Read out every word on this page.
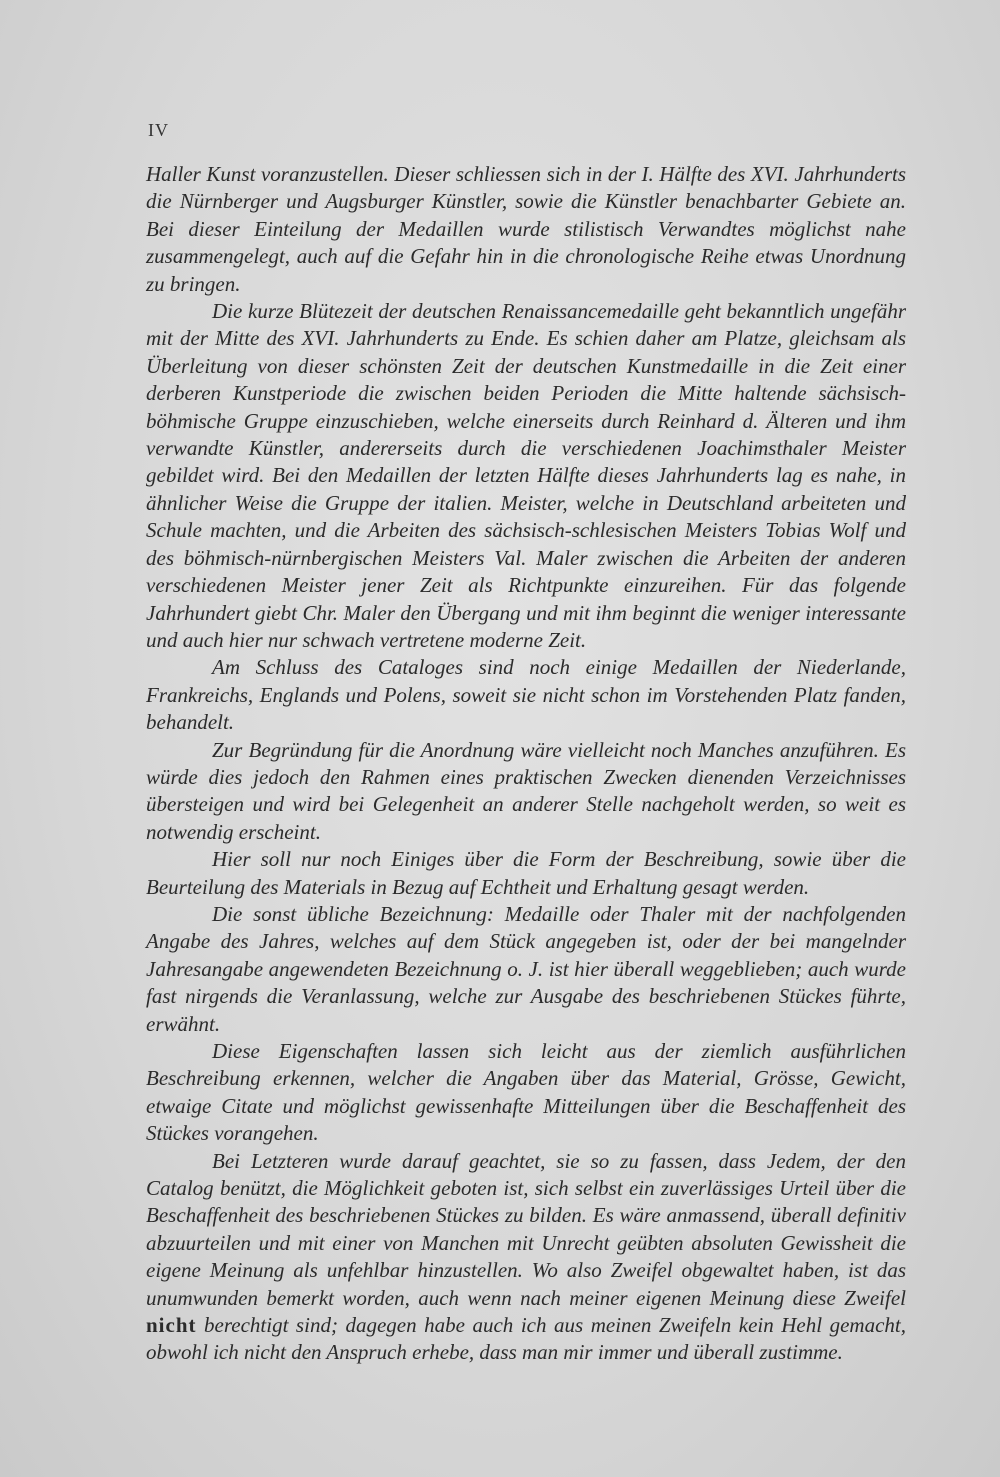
IV

Haller Kunst voranzustellen. Dieser schliessen sich in der I. Hälfte des XVI. Jahrhunderts die Nürnberger und Augsburger Künstler, sowie die Künstler benachbarter Gebiete an. Bei dieser Einteilung der Medaillen wurde stilistisch Verwandtes möglichst nahe zusammengelegt, auch auf die Gefahr hin in die chronologische Reihe etwas Unordnung zu bringen.

Die kurze Blütezeit der deutschen Renaissancemedaille geht bekanntlich ungefähr mit der Mitte des XVI. Jahrhunderts zu Ende. Es schien daher am Platze, gleichsam als Überleitung von dieser schönsten Zeit der deutschen Kunstmedaille in die Zeit einer derberen Kunstperiode die zwischen beiden Perioden die Mitte haltende sächsisch-böhmische Gruppe einzuschieben, welche einerseits durch Reinhard d. Älteren und ihm verwandte Künstler, andererseits durch die verschiedenen Joachimsthaler Meister gebildet wird. Bei den Medaillen der letzten Hälfte dieses Jahrhunderts lag es nahe, in ähnlicher Weise die Gruppe der italien. Meister, welche in Deutschland arbeiteten und Schule machten, und die Arbeiten des sächsisch-schlesischen Meisters Tobias Wolf und des böhmisch-nürnbergischen Meisters Val. Maler zwischen die Arbeiten der anderen verschiedenen Meister jener Zeit als Richtpunkte einzureihen. Für das folgende Jahrhundert giebt Chr. Maler den Übergang und mit ihm beginnt die weniger interessante und auch hier nur schwach vertretene moderne Zeit.

Am Schluss des Cataloges sind noch einige Medaillen der Niederlande, Frankreichs, Englands und Polens, soweit sie nicht schon im Vorstehenden Platz fanden, behandelt.

Zur Begründung für die Anordnung wäre vielleicht noch Manches anzuführen. Es würde dies jedoch den Rahmen eines praktischen Zwecken dienenden Verzeichnisses übersteigen und wird bei Gelegenheit an anderer Stelle nachgeholt werden, so weit es notwendig erscheint.

Hier soll nur noch Einiges über die Form der Beschreibung, sowie über die Beurteilung des Materials in Bezug auf Echtheit und Erhaltung gesagt werden.

Die sonst übliche Bezeichnung: Medaille oder Thaler mit der nachfolgenden Angabe des Jahres, welches auf dem Stück angegeben ist, oder der bei mangelnder Jahresangabe angewendeten Bezeichnung o. J. ist hier überall weggeblieben; auch wurde fast nirgends die Veranlassung, welche zur Ausgabe des beschriebenen Stückes führte, erwähnt.

Diese Eigenschaften lassen sich leicht aus der ziemlich ausführlichen Beschreibung erkennen, welcher die Angaben über das Material, Grösse, Gewicht, etwaige Citate und möglichst gewissenhafte Mitteilungen über die Beschaffenheit des Stückes vorangehen.

Bei Letzteren wurde darauf geachtet, sie so zu fassen, dass Jedem, der den Catalog benützt, die Möglichkeit geboten ist, sich selbst ein zuverlässiges Urteil über die Beschaffenheit des beschriebenen Stückes zu bilden. Es wäre anmassend, überall definitiv abzuurteilen und mit einer von Manchen mit Unrecht geübten absoluten Gewissheit die eigene Meinung als unfehlbar hinzustellen. Wo also Zweifel obgewaltet haben, ist das unumwunden bemerkt worden, auch wenn nach meiner eigenen Meinung diese Zweifel nicht berechtigt sind; dagegen habe auch ich aus meinen Zweifeln kein Hehl gemacht, obwohl ich nicht den Anspruch erhebe, dass man mir immer und überall zustimme.
